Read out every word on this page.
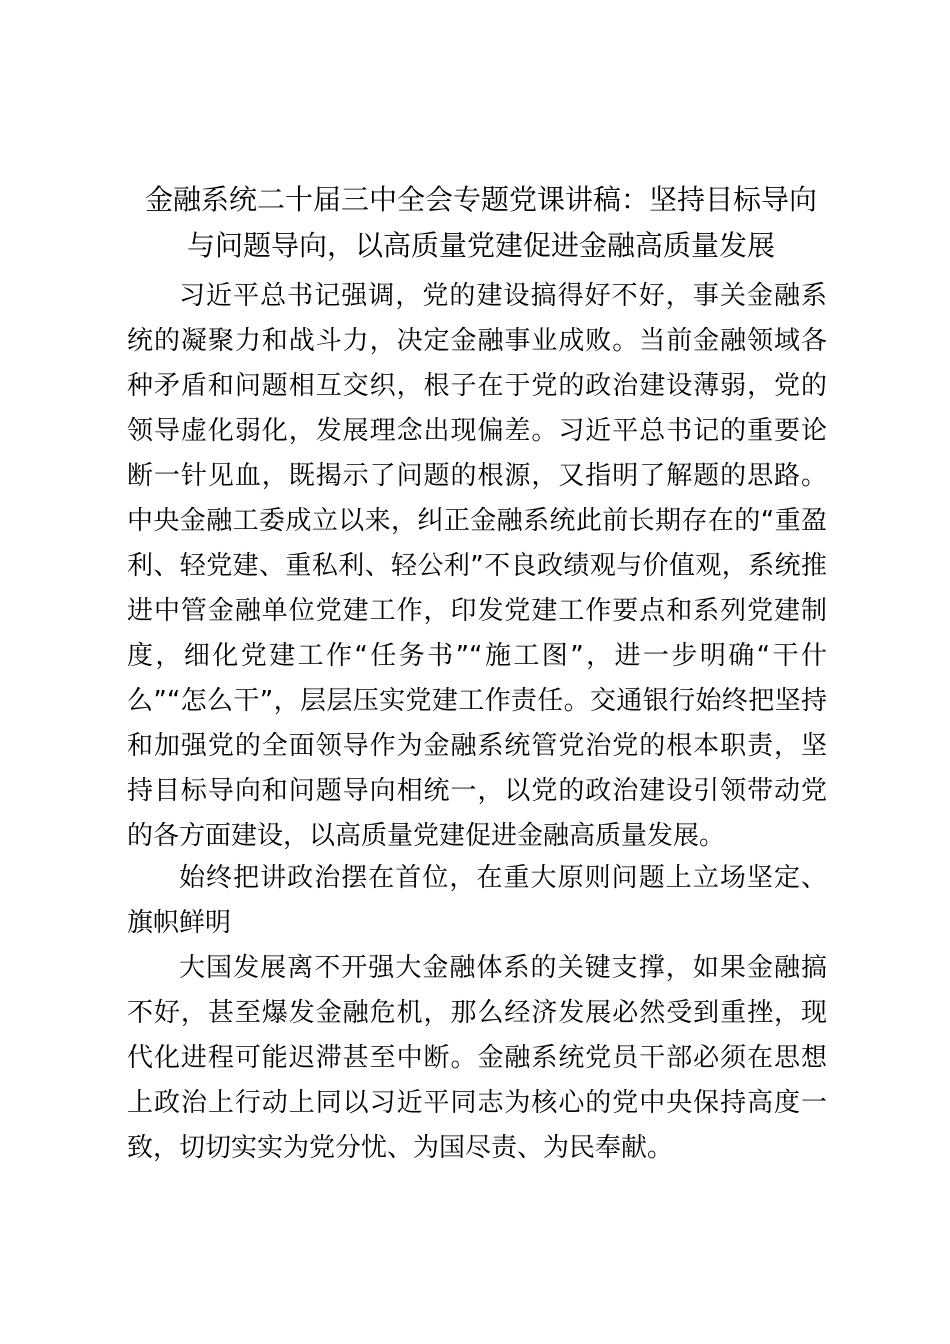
金融系统二十届三中全会专题党课讲稿：坚持目标导向
与问题导向，以高质量党建促进金融高质量发展

习近平总书记强调，党的建设搞得好不好，事关金融系统的凝聚力和战斗力，决定金融事业成败。当前金融领域各种矛盾和问题相互交织，根子在于党的政治建设薄弱，党的领导虚化弱化，发展理念出现偏差。习近平总书记的重要论断一针见血，既揭示了问题的根源，又指明了解题的思路。中央金融工委成立以来，纠正金融系统此前长期存在的“重盈利、轻党建、重私利、轻公利”不良政绩观与价值观，系统推进中管金融单位党建工作，印发党建工作要点和系列党建制度，细化党建工作“任务书”“施工图”，进一步明确“干什么”“怎么干”，层层压实党建工作责任。交通银行始终把坚持和加强党的全面领导作为金融系统管党治党的根本职责，坚持目标导向和问题导向相统一，以党的政治建设引领带动党的各方面建设，以高质量党建促进金融高质量发展。

始终把讲政治摆在首位，在重大原则问题上立场坚定、旗帜鲜明

大国发展离不开强大金融体系的关键支撑，如果金融搞不好，甚至爆发金融危机，那么经济发展必然受到重挫，现代化进程可能迟滞甚至中断。金融系统党员干部必须在思想上政治上行动上同以习近平同志为核心的党中央保持高度一致，切切实实为党分忧、为国尽责、为民奉献。
